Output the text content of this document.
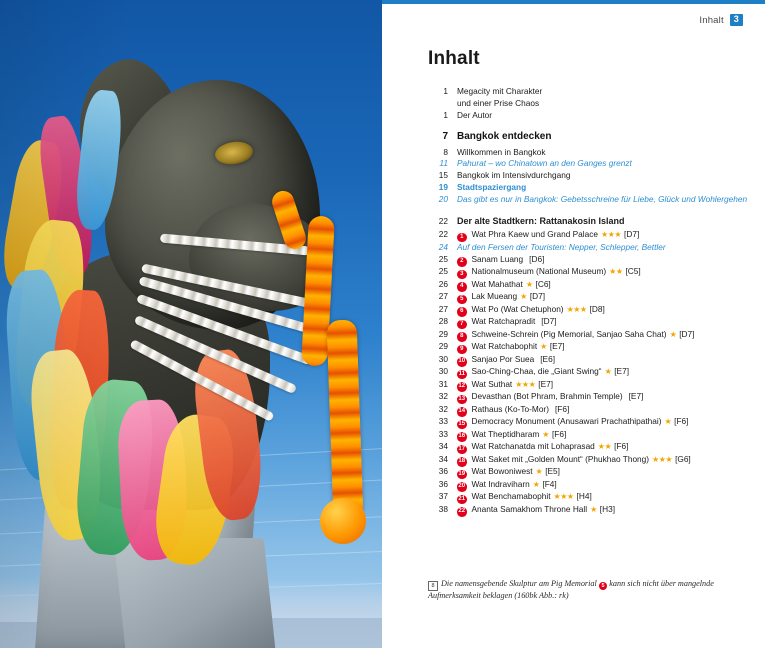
Inhalt	3
Inhalt
1	Megacity mit Charakter
und einer Prise Chaos
1	Der Autor
7 Bangkok entdecken
8	Willkommen in Bangkok
11	Pahurat – wo Chinatown an den Ganges grenzt
15	Bangkok im Intensivdurchgang
19	Stadtspaziergang
20	Das gibt es nur in Bangkok: Gebetsschreine für Liebe, Glück und Wohlergehen
22	Der alte Stadtkern: Rattanakosin Island
22	1 Wat Phra Kaew und Grand Palace ★★★ [D7]
24	Auf den Fersen der Touristen: Nepper, Schlepper, Bettler
25	2 Sanam Luang [D6]
25	3 Nationalmuseum (National Museum) ★★ [C5]
26	4 Wat Mahathat ★ [C6]
27	5 Lak Mueang ★ [D7]
27	6 Wat Po (Wat Chetuphon) ★★★ [D8]
28	7 Wat Ratchapradit [D7]
29	8 Schweine-Schrein (Pig Memorial, Sanjao Saha Chat) ★ [D7]
29	9 Wat Ratchabophit ★ [E7]
30	10 Sanjao Por Suea [E6]
30	11 Sao-Ching-Chaa, die „Giant Swing“ ★ [E7]
31	12 Wat Suthat ★★★ [E7]
32	13 Devasthan (Bot Phram, Brahmin Temple) [E7]
32	14 Rathaus (Ko-To-Mor) [F6]
33	15 Democracy Monument (Anusawari Prachathipathai) ★ [F6]
33	16 Wat Theptidharam ★ [F6]
34	17 Wat Ratchanatda mit Lohaprasad ★★ [F6]
34	18 Wat Saket mit „Golden Mount“ (Phukhao Thong) ★★★ [G6]
36	19 Wat Bowoniwest ★ [E5]
36	20 Wat Indraviharn ★ [F4]
37	21 Wat Benchamabophit ★★★ [H4]
38	22 Ananta Samakhom Throne Hall ★ [H3]
8 Die namensgebende Skulptur am Pig Memorial 5 kann sich nicht über mangelnde Aufmerksamkeit beklagen (160bk Abb.: rk)
